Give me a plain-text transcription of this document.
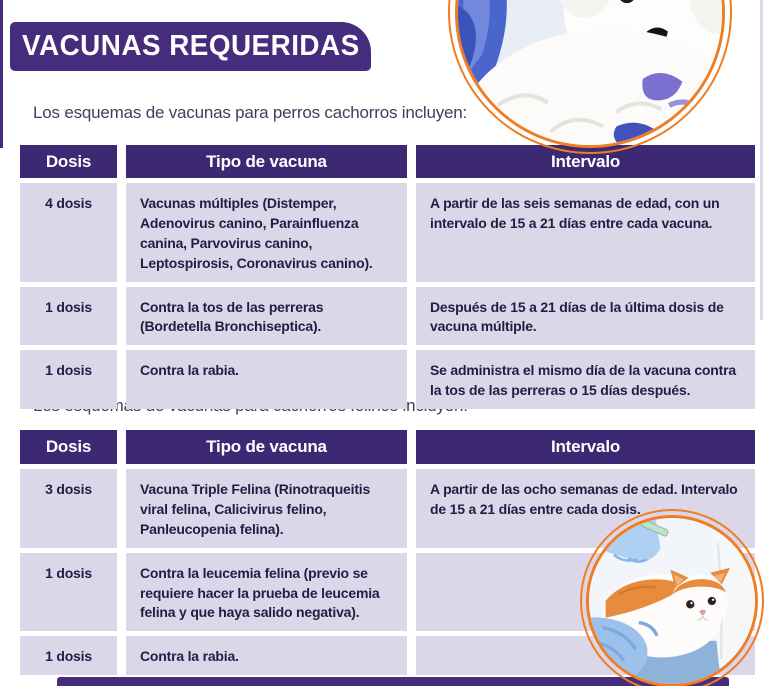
VACUNAS REQUERIDAS

Los esquemas de vacunas para perros cachorros incluyen:

Dosis	Tipo de vacuna	Intervalo
4 dosis	Vacunas múltiples (Distemper, Adenovirus canino, Parainfluenza canina, Parvovirus canino, Leptospirosis, Coronavirus canino).
A partir de las seis semanas de edad, con un intervalo de 15 a 21 días entre cada vacuna.
1 dosis	Contra la tos de las perreras (Bordetella Bronchiseptica).
Después de 15 a 21 días de la última dosis de vacuna múltiple.
1 dosis	Contra la rabia.	Se administra el mismo día de la vacuna contra la tos de las perreras o 15 días después.

Dosis	Tipo de vacuna	Intervalo
3 dosis	Vacuna Triple Felina (Rinotraqueitis viral felina, Calicivirus felino, Panleucopenia felina).
A partir de las ocho semanas de edad. Intervalo de 15 a 21 días entre cada dosis.
1 dosis	Contra la leucemia felina (previo se requiere hacer la prueba de leucemia felina y que haya salido negativa).
1 dosis	Contra la rabia.
